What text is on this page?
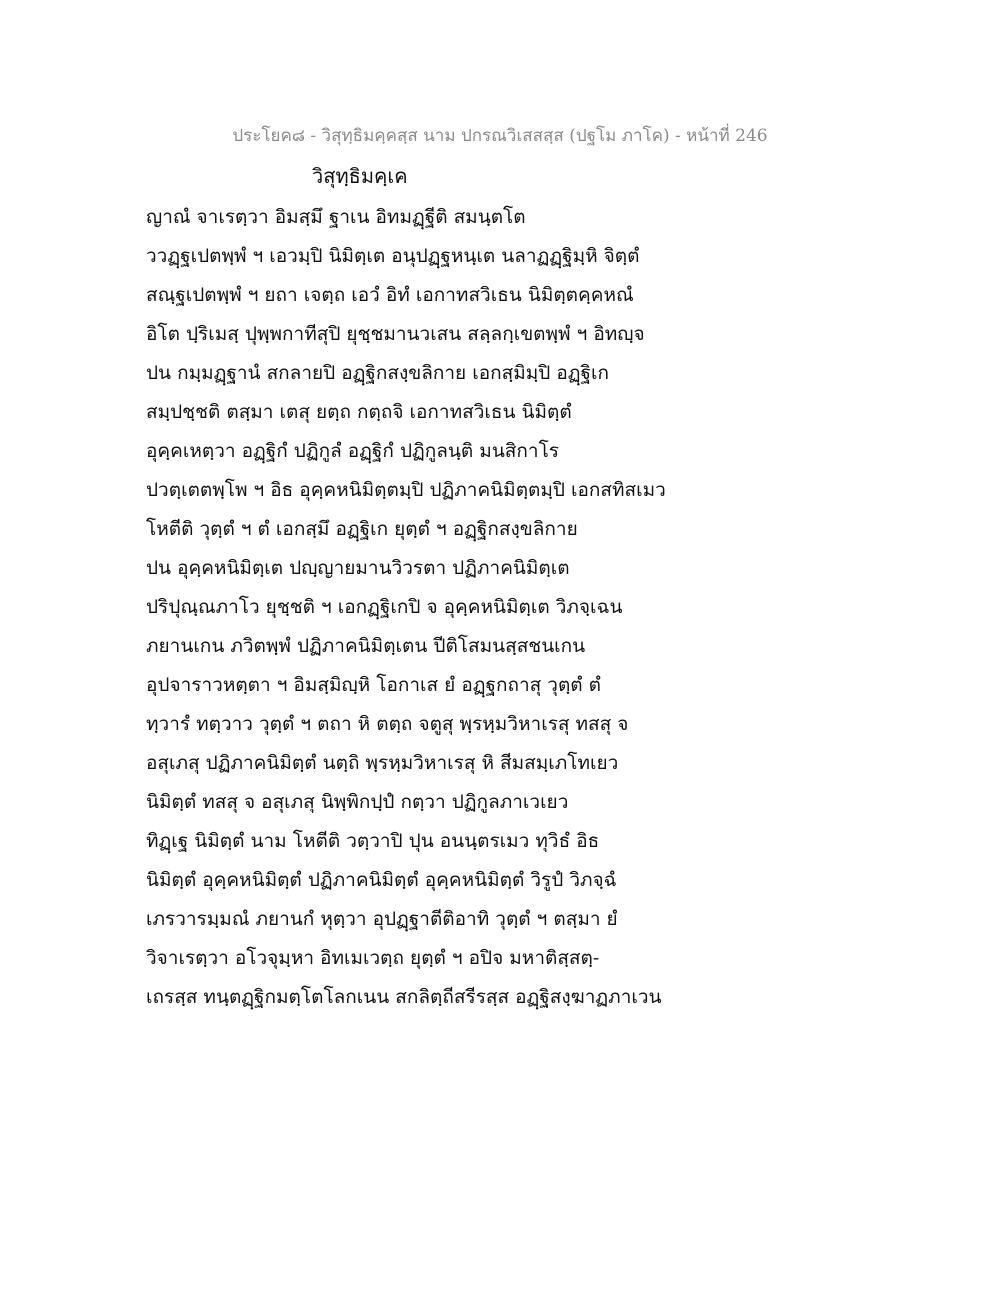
ประโยค๘ - วิสุทฺธิมคฺคสฺส นาม ปกรณวิเสสสฺส (ปฐโม ภาโค) - หน้าที่ 246
วิสุทฺธิมคฺเค
ญาณํ จาเรตฺวา อิมสฺมึ ฐาเน อิทมฏฺฐีติ สมนฺตโต
ววฏฺฐเปตพฺพํ ฯ เอวมฺปิ นิมิตฺเต อนุปฏฺฐหนฺเต นลาฏฏฺฐิมฺหิ จิตฺตํ
สณฺฐเปตพฺพํ ฯ ยถา เจตฺถ เอวํ อิทํ เอกาทสวิเธน นิมิตฺตคฺคหณํ
อิโต ปฺริเมสฺ ปุพฺพกาทีสุปิ ยุชฺชมานวเสน สลฺลกฺเขตพฺพํ ฯ อิทญฺจ
ปน กมฺมฏฺฐานํ สกลายปิ อฏฺฐิกสงฺขลิกาย เอกสฺมิมฺปิ อฏฺฐิเก
สมฺปชฺชติ ตสฺมา เตสุ ยตฺถ กตฺถจิ เอกาทสวิเธน นิมิตฺตํ
อุคฺคเหตฺวา อฏฺฐิกํ ปฏิกูลํ อฏฺฐิกํ ปฏิกูลนฺติ มนสิกาโร
ปวตฺเตตพฺโพ ฯ อิธ อุคฺคหนิมิตฺตมฺปิ ปฏิภาคนิมิตฺตมฺปิ เอกสทิสเมว
โหตีติ วุตฺตํ ฯ ตํ เอกสฺมึ อฏฺฐิเก ยุตฺตํ ฯ อฏฺฐิกสงฺขลิกาย
ปน อุคฺคหนิมิตฺเต ปญฺญายมานวิวรตา ปฏิภาคนิมิตฺเต
ปริปุณฺณภาโว ยุชฺชติ ฯ เอกฏฺฐิเกปิ จ อุคฺคหนิมิตฺเต วิภจฺเฉน
ภยานเกน ภวิตพฺพํ ปฏิภาคนิมิตฺเตน ปีติโสมนสฺสชนเกน
อุปจาราวหตฺตา ฯ อิมสฺมิญฺหิ โอกาเส ยํ อฏฺฐกถาสุ วุตฺตํ ตํ
ทฺวารํ ทตฺวาว วุตฺตํ ฯ ตถา หิ ตตฺถ จตูสุ พฺรหฺมวิหาเรสุ ทสสุ จ
อสุเภสุ ปฏิภาคนิมิตฺตํ นตฺถิ พฺรหฺมวิหาเรสุ หิ สีมสมฺเภโทเยว
นิมิตฺตํ ทสสุ จ อสุเภสุ นิพฺพิกปฺปํ กตฺวา ปฏิกูลภาเวเยว
ทิฏฺเฐ นิมิตฺตํ นาม โหตีติ วตฺวาปิ ปุน อนนฺตรเมว ทุวิธํ อิธ
นิมิตฺตํ อุคฺคหนิมิตฺตํ ปฏิภาคนิมิตฺตํ อุคฺคหนิมิตฺตํ วิรูปํ วิภจฺฉํ
เภรวารมฺมณํ ภยานกํ หุตฺวา อุปฏฺฐาตีติอาทิ วุตฺตํ ฯ ตสฺมา ยํ
วิจาเรตฺวา อโวจุมฺหา อิทเมเวตฺถ ยุตฺตํ ฯ อปิจ มหาติสฺสตฺ-
เถรสฺส ทนฺตฏฺฐิกมตฺโตโลกเนน สกลิตฺถีสรีรสฺส อฏฺฐิสงฺฆาฏภาเวน
